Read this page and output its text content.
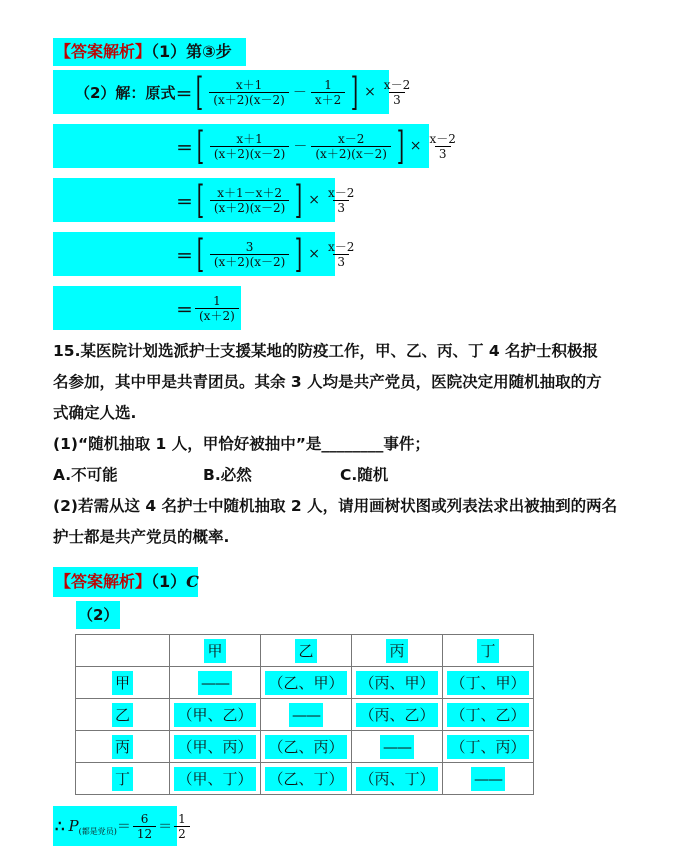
【答案解析】（1）第③步
（2）解：原式 ＝ [ $\frac{x+1}{(x+2)(x-2)} - \frac{1}{x+2}$ ] × $\frac{x-2}{3}$
＝ [ $\frac{x+1}{(x+2)(x-2)} - \frac{x-2}{(x+2)(x-2)}$ ] × $\frac{x-2}{3}$
＝ [ $\frac{x+1-x+2}{(x+2)(x-2)}$ ] × $\frac{x-2}{3}$
＝ [ $\frac{3}{(x+2)(x-2)}$ ] × $\frac{x-2}{3}$
＝ $\frac{1}{(x+2)}$
15.某医院计划选派护士支援某地的防疫工作，甲、乙、丙、丁 4 名护士积极报
名参加，其中甲是共青团员。其余 3 人均是共产党员，医院决定用随机抽取的方
式确定人选.
(1)“随机抽取 1 人，甲恰好被抽中”是________事件；
A.不可能	B.必然	C.随机
(2)若需从这 4 名护士中随机抽取 2 人，请用画树状图或列表法求出被抽到的两名
护士都是共产党员的概率.
【答案解析】（1）C
（2）
	甲	乙	丙	丁
甲	——	（乙、甲）	（丙、甲）	（丁、甲）
乙	（甲、乙）	——	（丙、乙）	（丁、乙）
丙	（甲、丙）	（乙、丙）	——	（丁、丙）
丁	（甲、丁）	（乙、丁）	（丙、丁）	——
∴ P (都是党员) ＝ $\frac{6}{12} = \frac{1}{2}$
